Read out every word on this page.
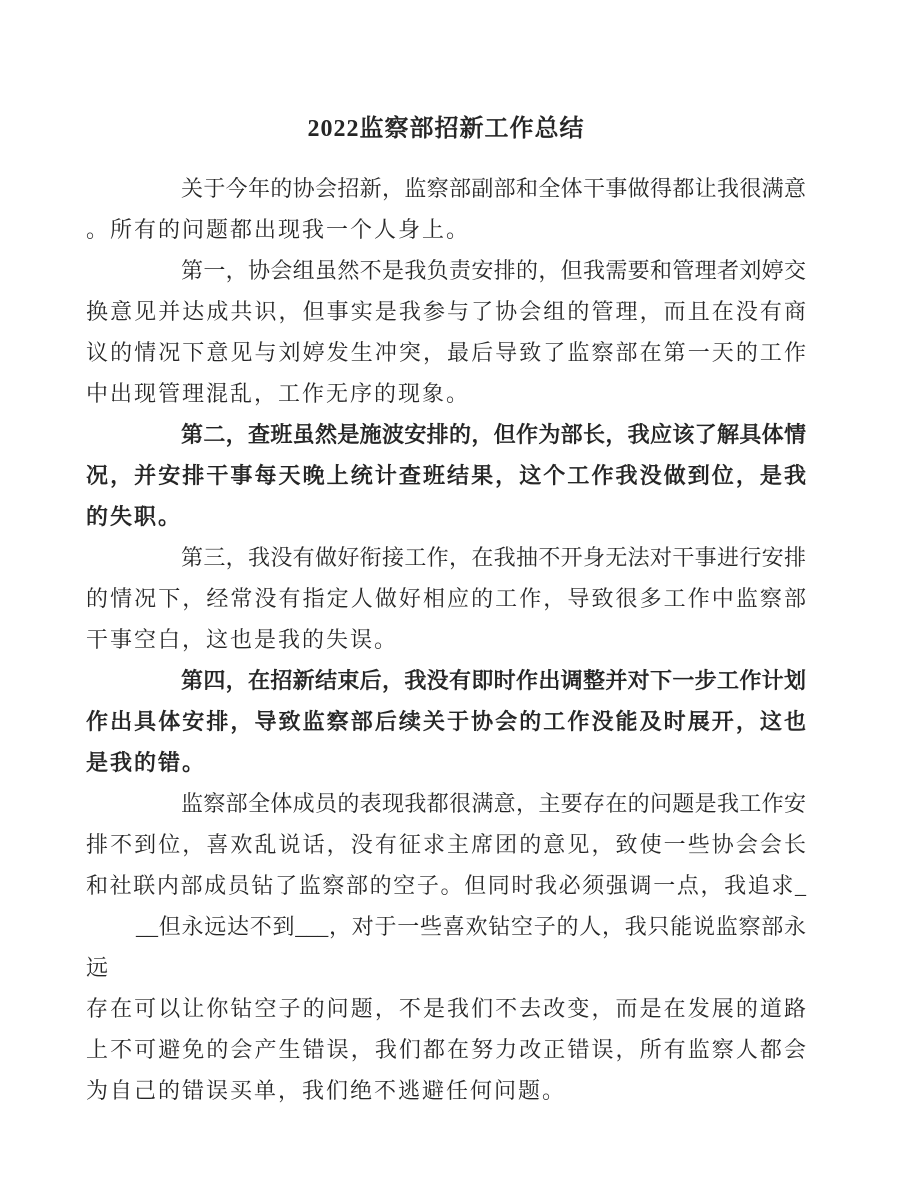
2022监察部招新工作总结

关于今年的协会招新，监察部副部和全体干事做得都让我很满意
。所有的问题都出现我一个人身上。

第一，协会组虽然不是我负责安排的，但我需要和管理者刘婷交
换意见并达成共识，但事实是我参与了协会组的管理，而且在没有商
议的情况下意见与刘婷发生冲突，最后导致了监察部在第一天的工作
中出现管理混乱，工作无序的现象。

第二，查班虽然是施波安排的，但作为部长，我应该了解具体情
况，并安排干事每天晚上统计查班结果，这个工作我没做到位，是我
的失职。

第三，我没有做好衔接工作，在我抽不开身无法对干事进行安排
的情况下，经常没有指定人做好相应的工作，导致很多工作中监察部
干事空白，这也是我的失误。

第四，在招新结束后，我没有即时作出调整并对下一步工作计划
作出具体安排，导致监察部后续关于协会的工作没能及时展开，这也
是我的错。

监察部全体成员的表现我都很满意，主要存在的问题是我工作安
排不到位，喜欢乱说话，没有征求主席团的意见，致使一些协会会长
和社联内部成员钻了监察部的空子。但同时我必须强调一点，我追求_
__但永远达不到___，对于一些喜欢钻空子的人，我只能说监察部永远
存在可以让你钻空子的问题，不是我们不去改变，而是在发展的道路
上不可避免的会产生错误，我们都在努力改正错误，所有监察人都会
为自己的错误买单，我们绝不逃避任何问题。
